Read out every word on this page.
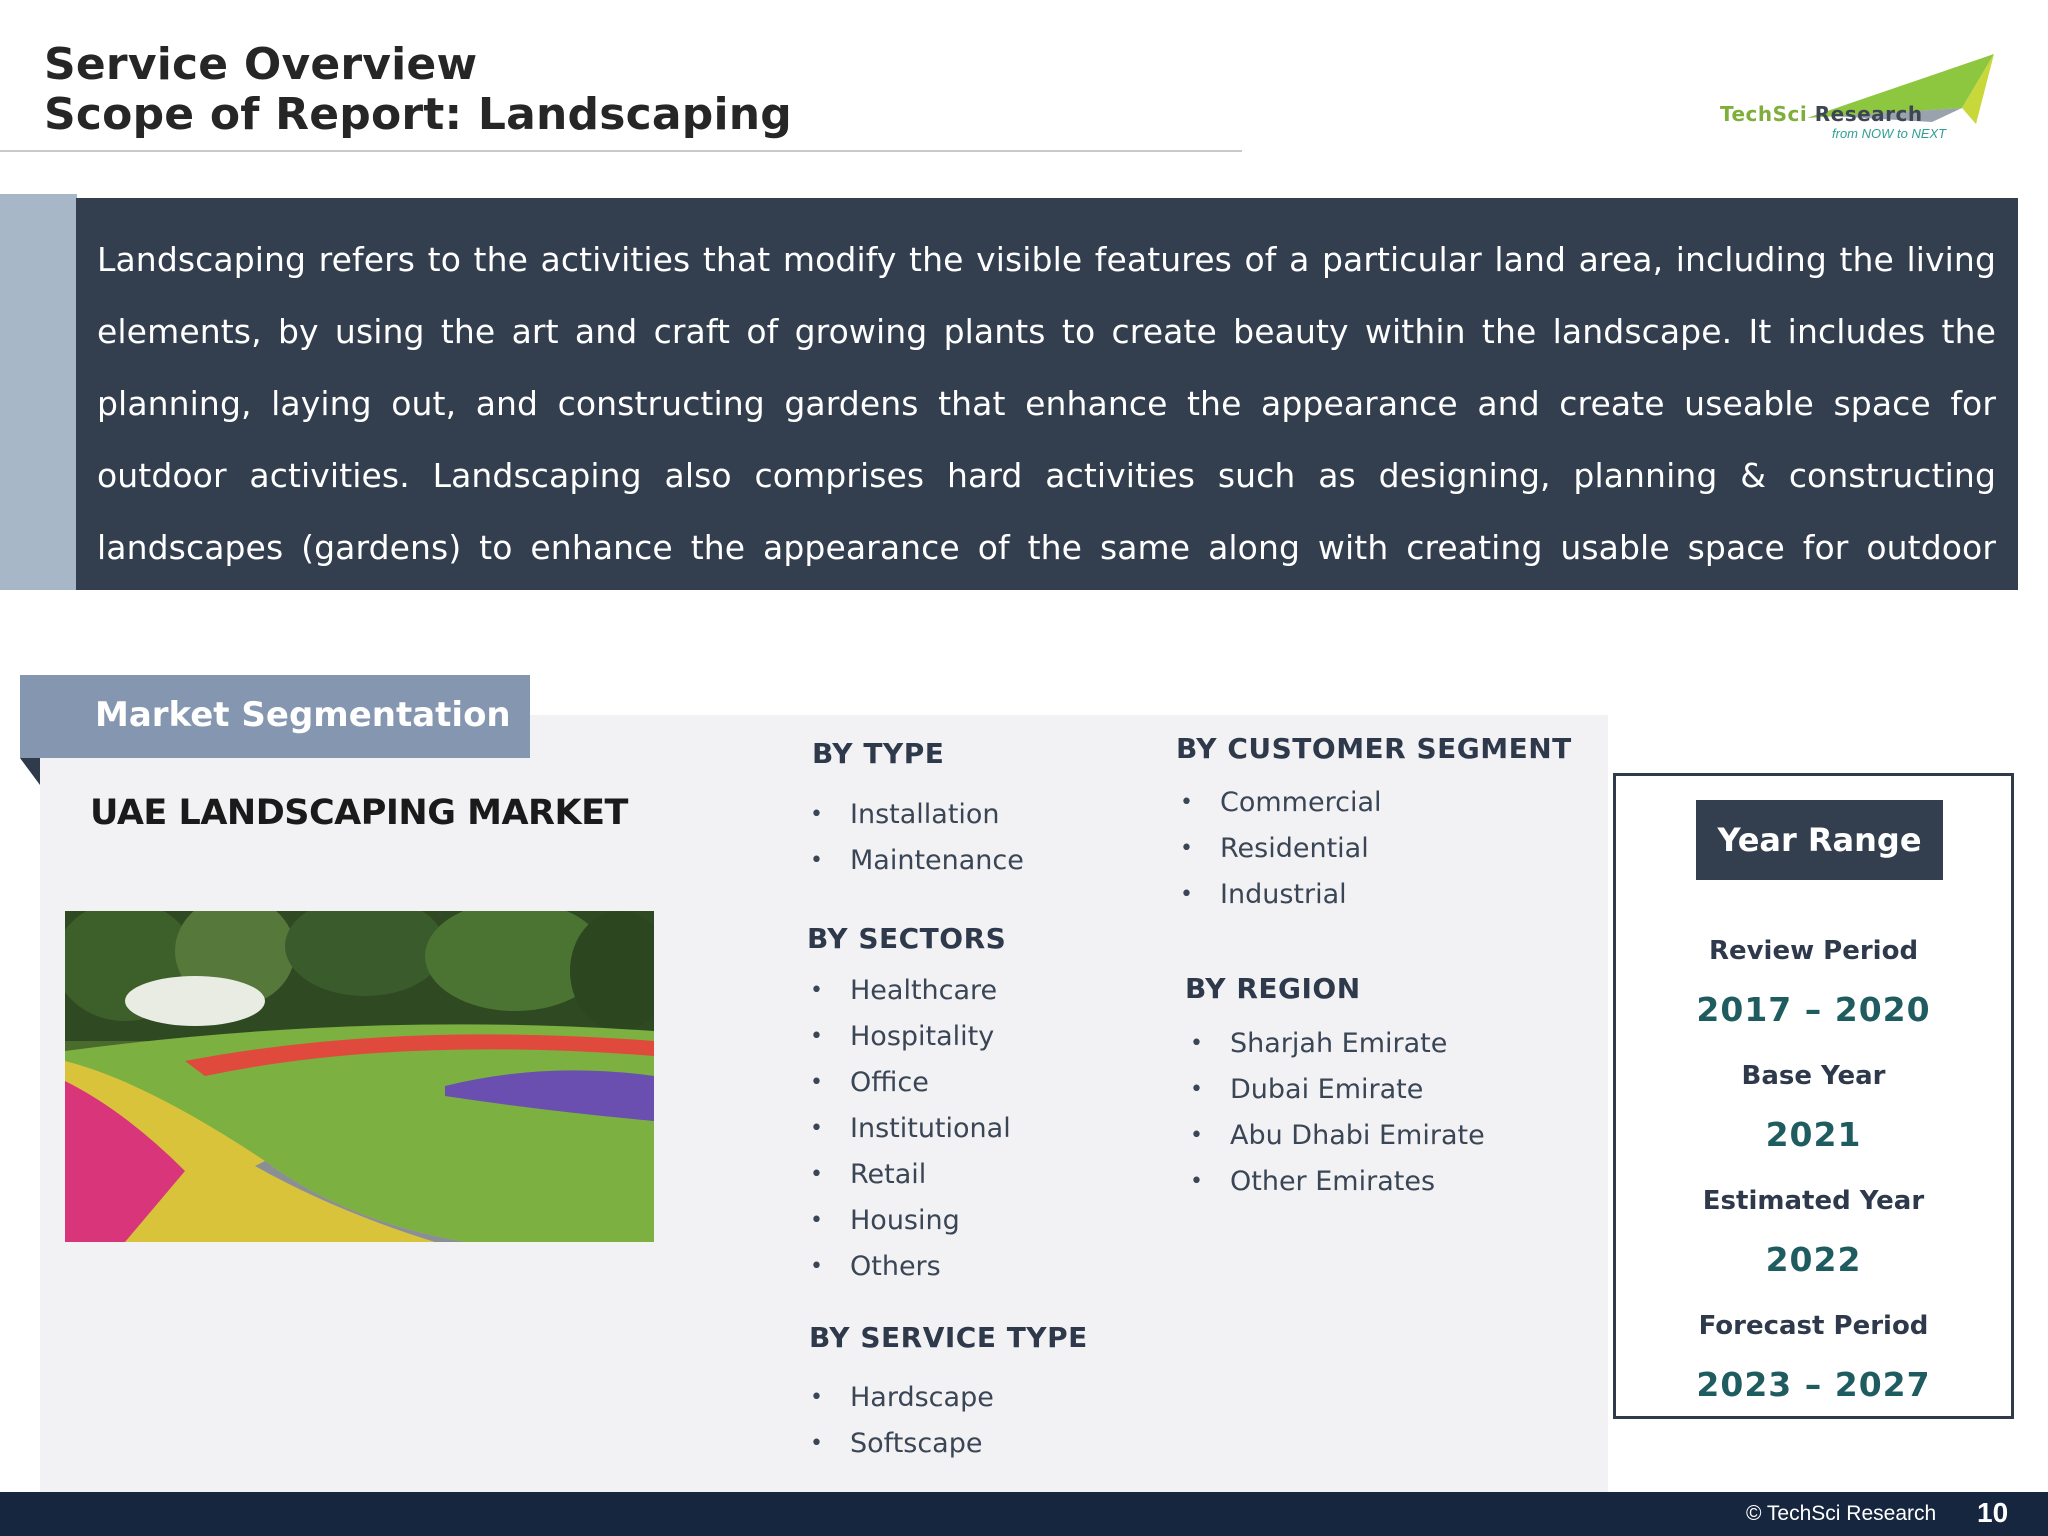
Service Overview
Scope of Report: Landscaping	TechSci Research
from NOW to NEXT

Landscaping refers to the activities that modify the visible features of a particular land area, including the living elements, by using the art and craft of growing plants to create beauty within the landscape. It includes the planning, laying out, and constructing gardens that enhance the appearance and create useable space for outdoor activities. Landscaping also comprises hard activities such as designing, planning & constructing landscapes (gardens) to enhance the appearance of the same along with creating usable space for outdoor activities.

Market Segmentation
UAE LANDSCAPING MARKET
BY TYPE
• Installation
• Maintenance
BY SECTORS
• Healthcare
• Hospitality
• Office
• Institutional
• Retail
• Housing
• Others
BY SERVICE TYPE
• Hardscape
• Softscape
BY CUSTOMER SEGMENT
• Commercial
• Residential
• Industrial
BY REGION
• Sharjah Emirate
• Dubai Emirate
• Abu Dhabi Emirate
• Other Emirates
Year Range
Review Period
2017 – 2020
Base Year
2021
Estimated Year
2022
Forecast Period
2023 – 2027
© TechSci Research 10
